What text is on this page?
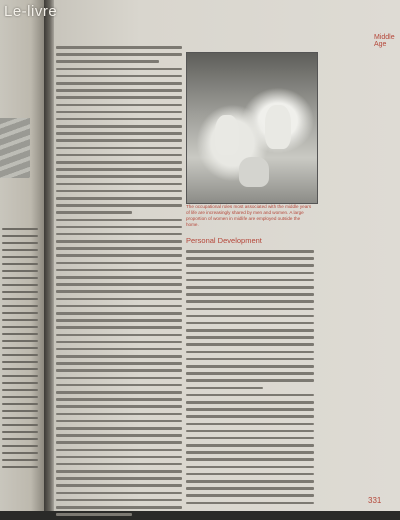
Le-livre
Middle Age
The occupational roles most associated with the middle years of life are increasingly shared by men and women. A large proportion of women in midlife are employed outside the home.
Personal Development
331
